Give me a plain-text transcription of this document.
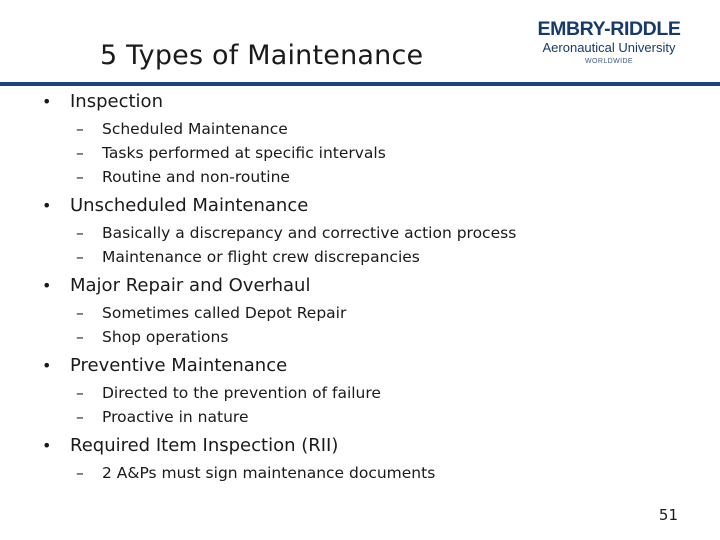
5 Types of Maintenance
EMBRY-RIDDLE
Aeronautical University
WORLDWIDE
• Inspection
– Scheduled Maintenance
– Tasks performed at specific intervals
– Routine and non-routine
• Unscheduled Maintenance
– Basically a discrepancy and corrective action process
– Maintenance or flight crew discrepancies
• Major Repair and Overhaul
– Sometimes called Depot Repair
– Shop operations
• Preventive Maintenance
– Directed to the prevention of failure
– Proactive in nature
• Required Item Inspection (RII)
– 2 A&Ps must sign maintenance documents
51
